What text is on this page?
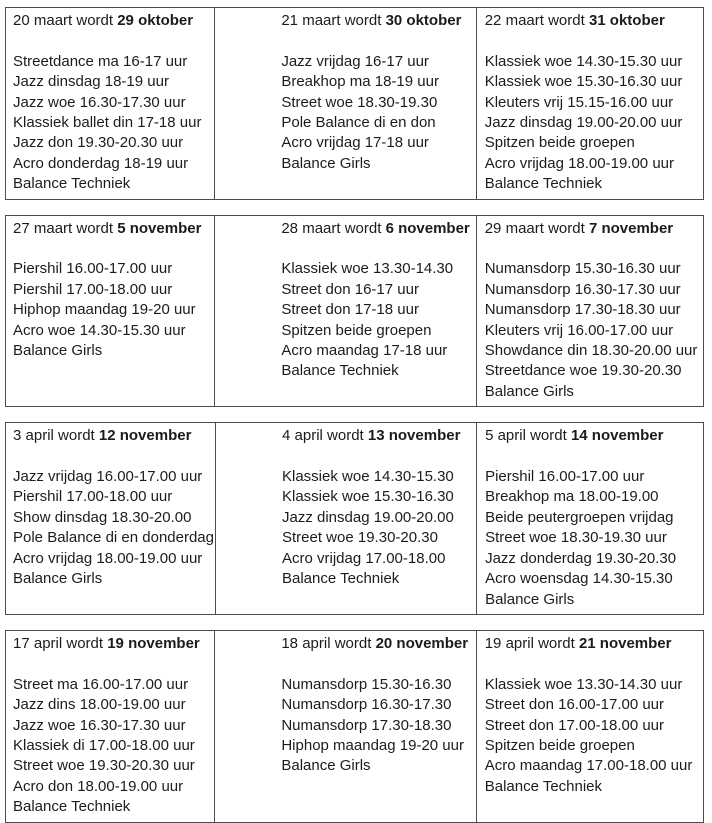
20 maart wordt 29 oktober
Streetdance ma 16-17 uur
Jazz dinsdag 18-19 uur
Jazz woe 16.30-17.30 uur
Klassiek ballet din 17-18 uur
Jazz don 19.30-20.30 uur
Acro donderdag 18-19 uur
Balance Techniek
21 maart wordt 30 oktober
Jazz vrijdag 16-17 uur
Breakhop ma 18-19 uur
Street woe 18.30-19.30
Pole Balance di en don
Acro vrijdag 17-18 uur
Balance Girls
22 maart wordt 31 oktober
Klassiek woe 14.30-15.30 uur
Klassiek woe 15.30-16.30 uur
Kleuters vrij 15.15-16.00 uur
Jazz dinsdag 19.00-20.00 uur
Spitzen beide groepen
Acro vrijdag 18.00-19.00 uur
Balance Techniek
27 maart wordt 5 november
Piershil 16.00-17.00 uur
Piershil 17.00-18.00 uur
Hiphop maandag 19-20 uur
Acro woe 14.30-15.30 uur
Balance Girls
28 maart wordt 6 november
Klassiek woe 13.30-14.30
Street don 16-17 uur
Street don 17-18 uur
Spitzen beide groepen
Acro maandag 17-18 uur
Balance Techniek
29 maart wordt 7 november
Numansdorp 15.30-16.30 uur
Numansdorp 16.30-17.30 uur
Numansdorp 17.30-18.30 uur
Kleuters vrij 16.00-17.00 uur
Showdance din 18.30-20.00 uur
Streetdance woe 19.30-20.30
Balance Girls
3 april wordt 12 november
Jazz vrijdag 16.00-17.00 uur
Piershil 17.00-18.00 uur
Show dinsdag 18.30-20.00
Pole Balance di en donderdag
Acro vrijdag 18.00-19.00 uur
Balance Girls
4 april wordt 13 november
Klassiek woe 14.30-15.30
Klassiek woe 15.30-16.30
Jazz dinsdag 19.00-20.00
Street woe 19.30-20.30
Acro vrijdag 17.00-18.00
Balance Techniek
5 april wordt 14 november
Piershil 16.00-17.00 uur
Breakhop ma 18.00-19.00
Beide peutergroepen vrijdag
Street woe 18.30-19.30 uur
Jazz donderdag 19.30-20.30
Acro woensdag 14.30-15.30
Balance Girls
17 april wordt 19 november
Street ma 16.00-17.00 uur
Jazz dins 18.00-19.00 uur
Jazz woe 16.30-17.30 uur
Klassiek di 17.00-18.00 uur
Street woe 19.30-20.30 uur
Acro don 18.00-19.00 uur
Balance Techniek
18 april wordt 20 november
Numansdorp 15.30-16.30
Numansdorp 16.30-17.30
Numansdorp 17.30-18.30
Hiphop maandag 19-20 uur
Balance Girls
19 april wordt 21 november
Klassiek woe 13.30-14.30 uur
Street don 16.00-17.00 uur
Street don 17.00-18.00 uur
Spitzen beide groepen
Acro maandag 17.00-18.00 uur
Balance Techniek
